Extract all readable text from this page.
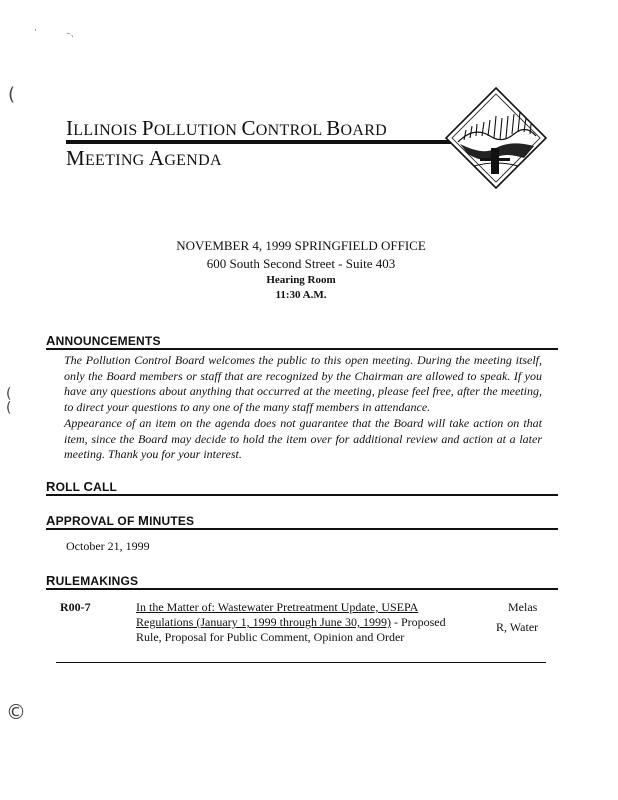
·	⁻˴
(
(
(
©
ILLINOIS POLLUTION CONTROL BOARD
MEETING AGENDA
NOVEMBER 4, 1999 SPRINGFIELD OFFICE
600 South Second Street - Suite 403
Hearing Room
11:30 A.M.
ANNOUNCEMENTS
The Pollution Control Board welcomes the public to this open meeting. During the meeting itself, only the Board members or staff that are recognized by the Chairman are allowed to speak. If you have any questions about anything that occurred at the meeting, please feel free, after the meeting, to direct your questions to any one of the many staff members in attendance.
Appearance of an item on the agenda does not guarantee that the Board will take action on that item, since the Board may decide to hold the item over for additional review and action at a later meeting. Thank you for your interest.
ROLL CALL
APPROVAL OF MINUTES
October 21, 1999
RULEMAKINGS
R00-7	In the Matter of: Wastewater Pretreatment Update, USEPA
Regulations (January 1, 1999 through June 30, 1999) - Proposed
Rule, Proposal for Public Comment, Opinion and Order
Melas
R, Water
